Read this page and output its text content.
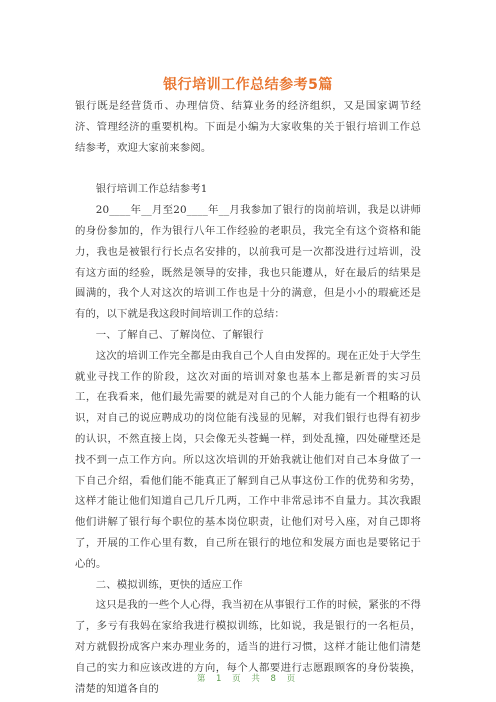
银行培训工作总结参考5篇

银行既是经营货币、办理信贷、结算业务的经济组织，又是国家调节经济、管理经济的重要机构。下面是小编为大家收集的关于银行培训工作总结参考，欢迎大家前来参阅。

银行培训工作总结参考1

20____年__月至20____年__月我参加了银行的岗前培训，我是以讲师的身份参加的，作为银行八年工作经验的老职员，我完全有这个资格和能力，我也是被银行行长点名安排的，以前我可是一次都没进行过培训，没有这方面的经验，既然是领导的安排，我也只能遵从，好在最后的结果是圆满的，我个人对这次的培训工作也是十分的满意，但是小小的瑕疵还是有的，以下就是我这段时间培训工作的总结：

一、了解自己、了解岗位、了解银行

这次的培训工作完全都是由我自己个人自由发挥的。现在正处于大学生就业寻找工作的阶段，这次对面的培训对象也基本上都是新晋的实习员工，在我看来，他们最先需要的就是对自己的个人能力能有一个粗略的认识，对自己的说应聘成功的岗位能有浅显的见解，对我们银行也得有初步的认识，不然直接上岗，只会像无头苍蝇一样，到处乱撞，四处碰壁还是找不到一点工作方向。所以这次培训的开始我就让他们对自己本身做了一下自己介绍，看他们能不能真正了解到自己从事这份工作的优势和劣势，这样才能让他们知道自己几斤几两，工作中非常忌讳不自量力。其次我跟他们讲解了银行每个职位的基本岗位职责，让他们对号入座，对自己即将了，开展的工作心里有数，自己所在银行的地位和发展方面也是要铭记于心的。

二、模拟训练，更快的适应工作

这只是我的一些个人心得，我当初在从事银行工作的时候，紧张的不得了，多亏有我妈在家给我进行模拟训练，比如说，我是银行的一名柜员，对方就假扮成客户来办理业务的，适当的进行习惯，这样才能让他们清楚自己的实力和应该改进的方向，每个人都要进行志愿跟顾客的身份装换，清楚的知道各自的

第 1 页 共 8 页
